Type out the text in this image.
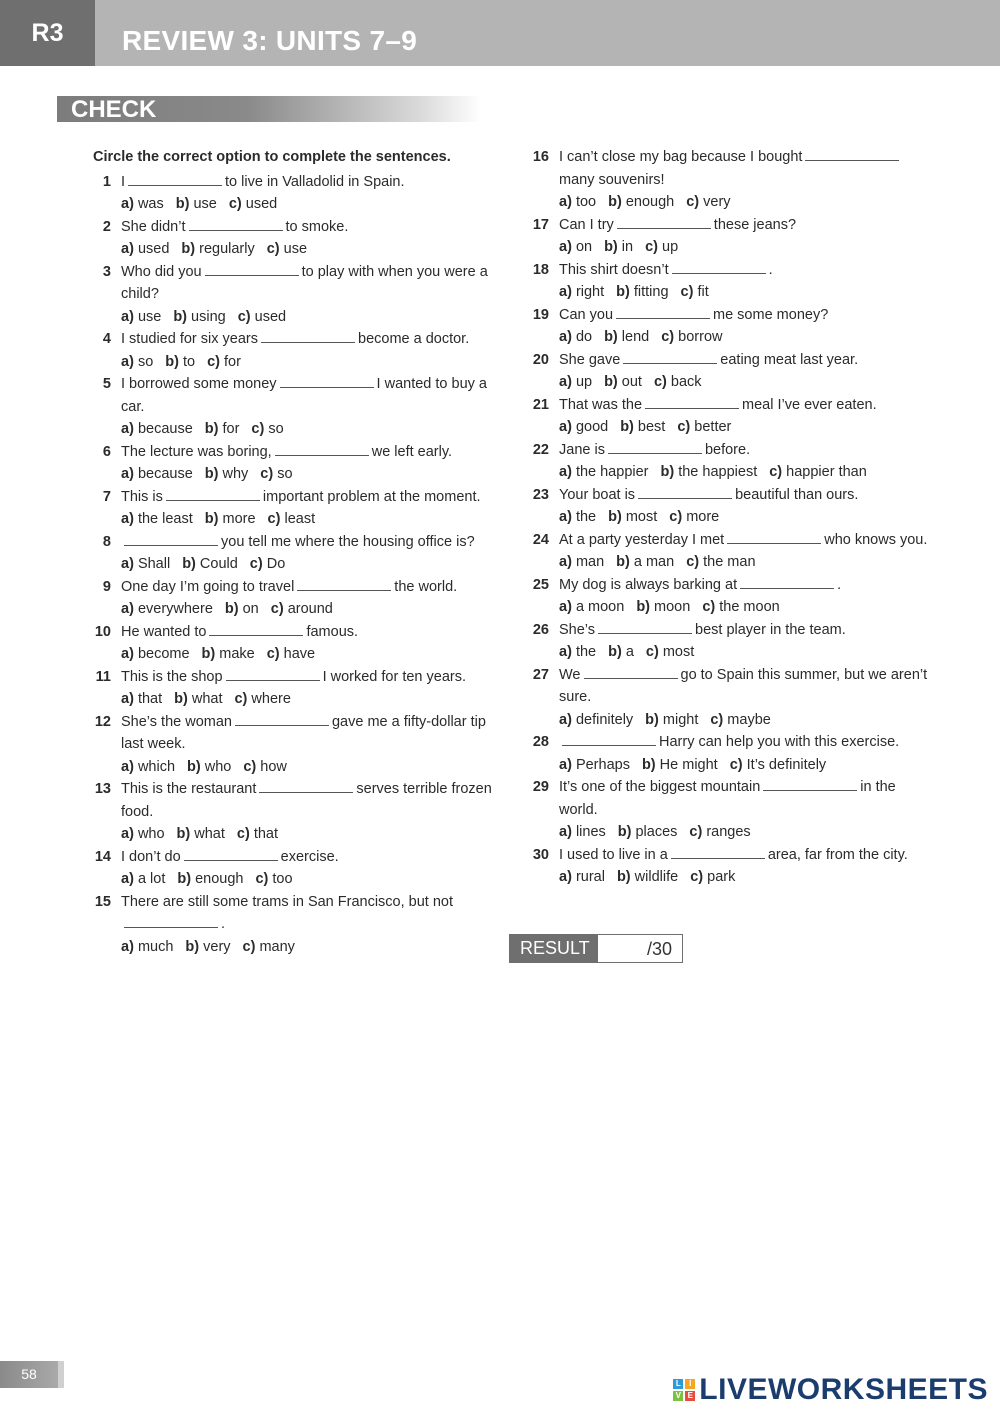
R3	REVIEW 3: UNITS 7–9
CHECK
Circle the correct option to complete the sentences.
1 I	to live in Valladolid in Spain.
a) was b) use c) used
2 She didn’t	to smoke.
a) used b) regularly c) use
3 Who did you	to play with when you were a child?
a) use b) using c) used
4 I studied for six years	become a doctor.
a) so b) to c) for
5 I borrowed some money	I wanted to buy a car.
a) because b) for c) so
6 The lecture was boring,	we left early.
a) because b) why c) so
7 This is	important problem at the moment.
a) the least b) more c) least
8	you tell me where the housing office is?
a) Shall b) Could c) Do
9 One day I’m going to travel	the world.
a) everywhere b) on c) around
10 He wanted to	famous.
a) become b) make c) have
11 This is the shop	I worked for ten years.
a) that b) what c) where
12 She’s the woman	gave me a fifty-dollar tip last week.
a) which b) who c) how
13 This is the restaurant	serves terrible frozen food.
a) who b) what c) that
14 I don’t do	exercise.
a) a lot b) enough c) too
15 There are still some trams in San Francisco, but not.
a) much b) very c) many
16 I can’t close my bag because I boughtmany souvenirs!
a) too b) enough c) very
17 Can I try	these jeans?
a) on b) in c) up
18 This shirt doesn’t	.
a) right b) fitting c) fit
19 Can you	me some money?
a) do b) lend c) borrow
20 She gave	eating meat last year.
a) up b) out c) back
21 That was the	meal I’ve ever eaten.
a) good b) best c) better
22 Jane is	before.
a) the happier b) the happiest c) happier than
23 Your boat is	beautiful than ours.
a) the b) most c) more
24 At a party yesterday I met	who knows you.
a) man b) a man c) the man
25 My dog is always barking at	.
a) a moon b) moon c) the moon
26 She’s	best player in the team.
a) the b) a c) most
27 We	go to Spain this summer, but we aren’t sure.
a) definitely b) might c) maybe
28	Harry can help you with this exercise.
a) Perhaps b) He might c) It’s definitely
29 It’s one of the biggest mountain	in the world.
a) lines b) places c) ranges
30 I used to live in a	area, far from the city.
a) rural b) wildlife c) park
RESULT	/30
58
L	I
V E LIVEWORKSHEETS
